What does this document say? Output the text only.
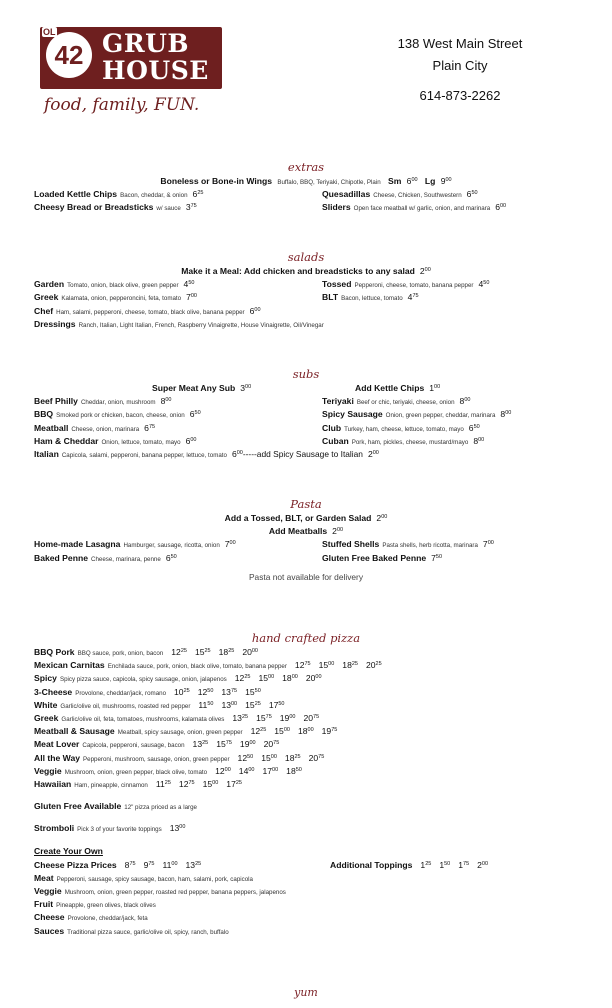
42
OL GRUB
HOUSE
food, family, FUN.
138 West Main Street
Plain City
614-873-2262
extras
Boneless or Bone-in Wings Buffalo, BBQ, Teriyaki, Chipotle, Plain Sm $6^{00}$ Lg $9^{00}$
Loaded Kettle Chips Bacon, cheddar, & onion $6^{25}$	Quesadillas Cheese, Chicken, Southwestern $6^{50}$
Cheesy Bread or Breadsticks w/ sauce $3^{75}$	Sliders Open face meatball w/ garlic, onion, and marinara $6^{00}$
salads
Make it a Meal: Add chicken and breadsticks to any salad $2^{00}$
Garden Tomato, onion, black olive, green pepper $4^{50}$	Tossed Pepperoni, cheese, tomato, banana pepper $4^{50}$
Greek Kalamata, onion, pepperoncini, feta, tomato $7^{00}$	BLT Bacon, lettuce, tomato $4^{75}$
Chef Ham, salami, pepperoni, cheese, tomato, black olive, banana pepper $6^{00}$
Dressings Ranch, Italian, Light Italian, French, Raspberry Vinaigrette, House Vinaigrette, Oil/Vinegar
subs
Super Meat Any Sub $3^{00}$	Add Kettle Chips $1^{00}$
Beef Philly Cheddar, onion, mushroom $8^{00}$	Teriyaki Beef or chic, teriyaki, cheese, onion $8^{00}$
BBQ Smoked pork or chicken, bacon, cheese, onion $6^{50}$	Spicy Sausage Onion, green pepper, cheddar, marinara $8^{00}$
Meatball Cheese, onion, marinara $6^{75}$	Club Turkey, ham, cheese, lettuce, tomato, mayo $6^{50}$
Ham & Cheddar Onion, lettuce, tomato, mayo $6^{00}$	Cuban Pork, ham, pickles, cheese, mustard/mayo $8^{00}$
Italian Capicola, salami, pepperoni, banana pepper, lettuce, tomato $6^{00}----$-add Spicy Sausage to Italian $2^{00}$
Pasta
Add a Tossed, BLT, or Garden Salad $2^{00}$
Add Meatballs $2^{00}$
Home-made Lasagna Hamburger, sausage, ricotta, onion $7^{00}$	Stuffed Shells Pasta shells, herb ricotta, marinara $7^{00}$
Baked Penne Cheese, marinara, penne $6^{50}$	Gluten Free Baked Penne $7^{50}$
Pasta not available for delivery
hand crafted pizza
BBQ Pork BBQ sauce, pork, onion, bacon $12^{25}$ $15^{25}$ $18^{25}$ $20^{00}$
Mexican Carnitas Enchilada sauce, pork, onion, black olive, tomato, banana pepper $12^{75}$ $15^{00}$ $18^{25}$ $20^{25}$
Spicy Spicy pizza sauce, capicola, spicy sausage, onion, jalapenos $12^{25}$ $15^{00}$ $18^{00}$ $20^{00}$
3-Cheese Provolone, cheddar/jack, romano $10^{25}$ $12^{50}$ $13^{75}$ $15^{50}$
White Garlic/olive oil, mushrooms, roasted red pepper $11^{50}$ $13^{00}$ $15^{25}$ $17^{50}$
Greek Garlic/olive oil, feta, tomatoes, mushrooms, kalamata olives $13^{25}$ $15^{75}$ $19^{00}$ $20^{75}$
Meatball & Sausage Meatball, spicy sausage, onion, green pepper $12^{25}$ $15^{00}$ $18^{00}$ $19^{75}$
Meat Lover Capicola, pepperoni, sausage, bacon $13^{25}$ $15^{75}$ $19^{00}$ $20^{75}$
All the Way Pepperoni, mushroom, sausage, onion, green pepper $12^{50}$ $15^{00}$ $18^{25}$ $20^{75}$
Veggie Mushroom, onion, green pepper, black olive, tomato $12^{00}$ $14^{00}$ $17^{00}$ $18^{50}$
Hawaiian Ham, pineapple, cinnamon $11^{25}$ $12^{75}$ $15^{00}$ $17^{25}$
Gluten Free Available 12" pizza priced as a large
Stromboli Pick 3 of your favorite toppings $13^{00}$
Create Your Own
Cheese Pizza Prices $8^{75}$ $9^{75}$ $11^{00}$ $13^{25}$	Additional Toppings $1^{25}$ $1^{50}$ $1^{75}$ $2^{00}$
Meat Pepperoni, sausage, spicy sausage, bacon, ham, salami, pork, capicola
Veggie Mushroom, onion, green pepper, roasted red pepper, banana peppers, jalapenos
Fruit Pineapple, green olives, black olives
Cheese Provolone, cheddar/jack, feta
Sauces Traditional pizza sauce, garlic/olive oil, spicy, ranch, buffalo
yum
